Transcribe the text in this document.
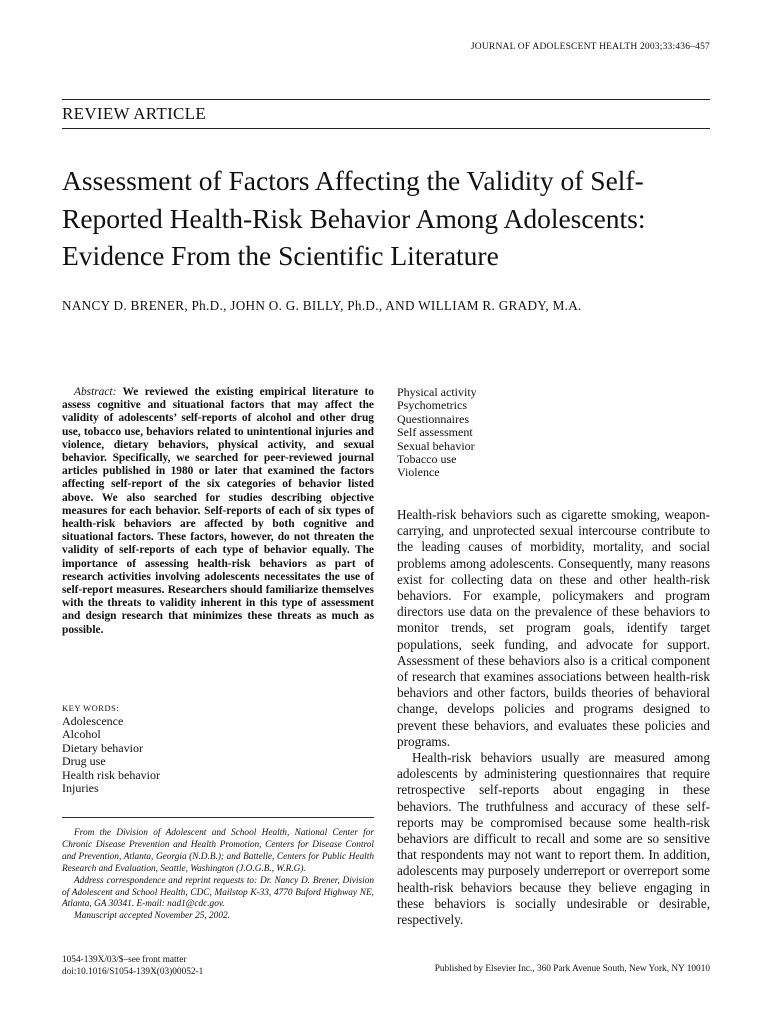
JOURNAL OF ADOLESCENT HEALTH 2003;33:436–457
REVIEW ARTICLE
Assessment of Factors Affecting the Validity of Self-
Reported Health-Risk Behavior Among Adolescents:
Evidence From the Scientific Literature
NANCY D. BRENER, Ph.D., JOHN O. G. BILLY, Ph.D., AND WILLIAM R. GRADY, M.A.

Abstract: We reviewed the existing empirical literature to assess cognitive and situational factors that may affect the validity of adolescents’ self-reports of alcohol and other drug use, tobacco use, behaviors related to unintentional injuries and violence, dietary behaviors, physical activity, and sexual behavior. Specifically, we searched for peer-reviewed journal articles published in 1980 or later that examined the factors affecting self-report of the six categories of behavior listed above. We also searched for studies describing objective measures for each behavior. Self-reports of each of six types of health-risk behaviors are affected by both cognitive and situational factors. These factors, however, do not threaten the validity of self-reports of each type of behavior equally. The importance of assessing health-risk behaviors as part of research activities involving adolescents necessitates the use of self-report measures. Researchers should familiarize themselves with the threats to validity inherent in this type of assessment and design research that minimizes these threats as much as possible.

KEY WORDS:
Adolescence
Alcohol
Dietary behavior
Drug use
Health risk behavior
Injuries
Physical activity
Psychometrics
Questionnaires
Self assessment
Sexual behavior
Tobacco use
Violence

From the Division of Adolescent and School Health, National Center for Chronic Disease Prevention and Health Promotion, Centers for Disease Control and Prevention, Atlanta, Georgia (N.D.B.); and Battelle, Centers for Public Health Research and Evaluation, Seattle, Washington (J.O.G.B., W.R.G).

Address correspondence and reprint requests to: Dr. Nancy D. Brener, Division of Adolescent and School Health, CDC, Mailstop K-33, 4770 Buford Highway NE, Atlanta, GA 30341. E-mail: nad1@cdc.gov.

Manuscript accepted November 25, 2002.

1054-139X/03/$–see front matter
doi:10.1016/S1054-139X(03)00052-1	Published by Elsevier Inc., 360 Park Avenue South, New York, NY 10010

Health-risk behaviors such as cigarette smoking, weapon-carrying, and unprotected sexual intercourse contribute to the leading causes of morbidity, mortality, and social problems among adolescents. Consequently, many reasons exist for collecting data on these and other health-risk behaviors. For example, policymakers and program directors use data on the prevalence of these behaviors to monitor trends, set program goals, identify target populations, seek funding, and advocate for support. Assessment of these behaviors also is a critical component of research that examines associations between health-risk behaviors and other factors, builds theories of behavioral change, develops policies and programs designed to prevent these behaviors, and evaluates these policies and programs.

Health-risk behaviors usually are measured among adolescents by administering questionnaires that require retrospective self-reports about engaging in these behaviors. The truthfulness and accuracy of these self-reports may be compromised because some health-risk behaviors are difficult to recall and some are so sensitive that respondents may not want to report them. In addition, adolescents may purposely underreport or overreport some health-risk behaviors because they believe engaging in these behaviors is socially undesirable or desirable, respectively.
